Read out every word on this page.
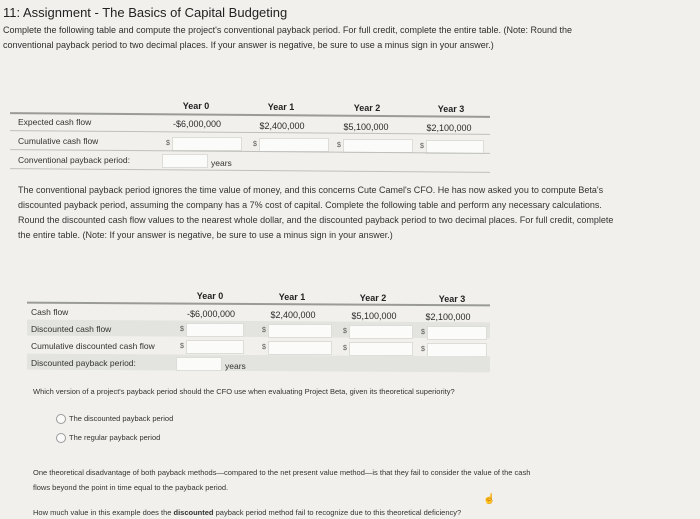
11: Assignment - The Basics of Capital Budgeting
Complete the following table and compute the project's conventional payback period. For full credit, complete the entire table. (Note: Round the
conventional payback period to two decimal places. If your answer is negative, be sure to use a minus sign in your answer.)
Year 0	Year 1	Year 2	Year 3
Expected cash flow	-$6,000,000	$2,400,000	$5,100,000	$2,100,000
Cumulative cash flow	$	$	$	$
Conventional payback period:	years
The conventional payback period ignores the time value of money, and this concerns Cute Camel's CFO. He has now asked you to compute Beta's
discounted payback period, assuming the company has a 7% cost of capital. Complete the following table and perform any necessary calculations.
Round the discounted cash flow values to the nearest whole dollar, and the discounted payback period to two decimal places. For full credit, complete
the entire table. (Note: If your answer is negative, be sure to use a minus sign in your answer.)
Year 0	Year 1	Year 2	Year 3
Cash flow	-$6,000,000	$2,400,000	$5,100,000	$2,100,000
Discounted cash flow	$	$	$	$
Cumulative discounted cash flow	$	$	$	$
Discounted payback period:	years
Which version of a project's payback period should the CFO use when evaluating Project Beta, given its theoretical superiority?
The discounted payback period
The regular payback period
One theoretical disadvantage of both payback methods—compared to the net present value method—is that they fail to consider the value of the cash
flows beyond the point in time equal to the payback period.
☝
How much value in this example does the discounted payback period method fail to recognize due to this theoretical deficiency?
